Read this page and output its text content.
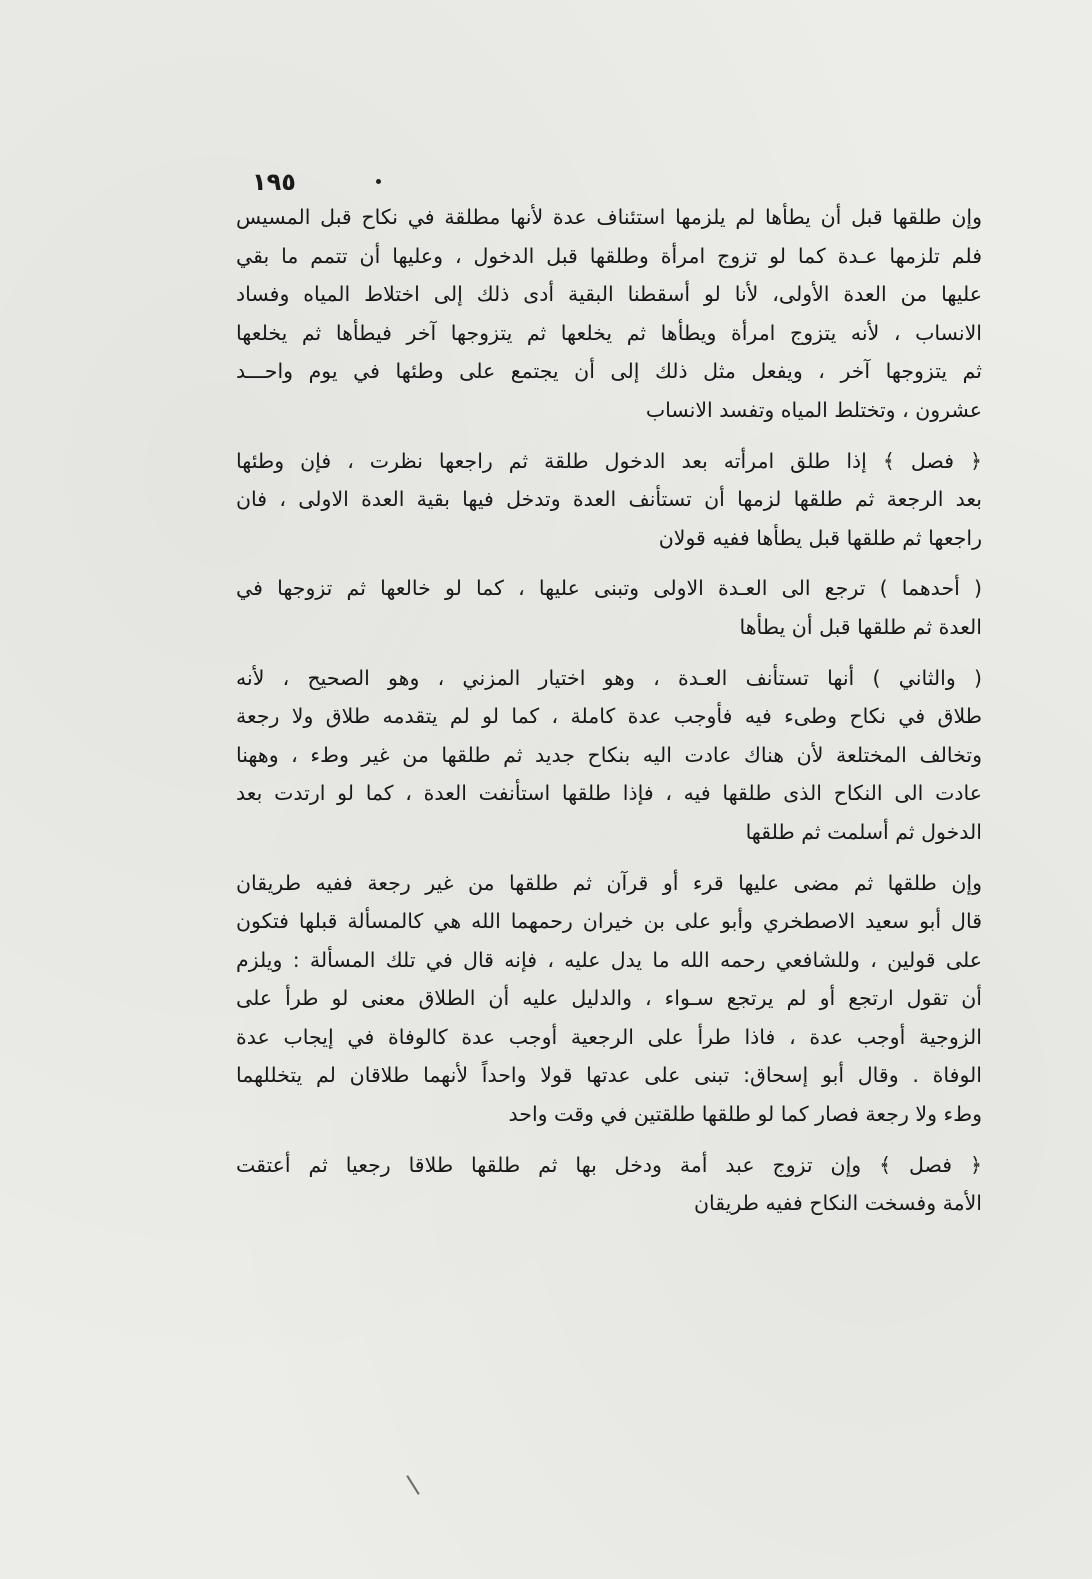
١٩٥
وإن طلقها قبل أن يطأها لم يلزمها استئناف عدة لأنها مطلقة في نكاح قبل المسيس
فلم تلزمها عـدة كما لو تزوج امرأة وطلقها قبل الدخول ، وعليها أن تتمم ما بقي
عليها من العدة الأولى، لأنا لو أسقطنا البقية أدى ذلك إلى اختلاط المياه وفساد
الانساب ، لأنه يتزوج امرأة ويطأها ثم يخلعها ثم يتزوجها آخر فيطأها ثم يخلعها
ثم يتزوجها آخر ، ويفعل مثل ذلك إلى أن يجتمع على وطئها في يوم واحـــد
عشرون ، وتختلط المياه وتفسد الانساب
﴿ فصل ﴾ إذا طلق امرأته بعد الدخول طلقة ثم راجعها نظرت ، فإن وطئها
بعد الرجعة ثم طلقها لزمها أن تستأنف العدة وتدخل فيها بقية العدة الاولى ، فان
راجعها ثم طلقها قبل يطأها ففيه قولان
( أحدهما ) ترجع الى العـدة الاولى وتبنى عليها ، كما لو خالعها ثم تزوجها في
العدة ثم طلقها قبل أن يطأها
( والثاني ) أنها تستأنف العـدة ، وهو اختيار المزني ، وهو الصحيح ، لأنه
طلاق في نكاح وطىء فيه فأوجب عدة كاملة ، كما لو لم يتقدمه طلاق ولا رجعة
وتخالف المختلعة لأن هناك عادت اليه بنكاح جديد ثم طلقها من غير وطء ، وههنا
عادت الى النكاح الذى طلقها فيه ، فإذا طلقها استأنفت العدة ، كما لو ارتدت بعد
الدخول ثم أسلمت ثم طلقها
وإن طلقها ثم مضى عليها قرء أو قرآن ثم طلقها من غير رجعة ففيه طريقان
قال أبو سعيد الاصطخري وأبو على بن خيران رحمهما الله هي كالمسألة قبلها فتكون
على قولين ، وللشافعي رحمه الله ما يدل عليه ، فإنه قال في تلك المسألة : ويلزم
أن تقول ارتجع أو لم يرتجع سـواء ، والدليل عليه أن الطلاق معنى لو طرأ على
الزوجية أوجب عدة ، فاذا طرأ على الرجعية أوجب عدة كالوفاة في إيجاب عدة
الوفاة . وقال أبو إسحاق: تبنى على عدتها قولا واحداً لأنهما طلاقان لم يتخللهما
وطء ولا رجعة فصار كما لو طلقها طلقتين في وقت واحد
﴿ فصل ﴾ وإن تزوج عبد أمة ودخل بها ثم طلقها طلاقا رجعيا ثم أعتقت
الأمة وفسخت النكاح ففيه طريقان
